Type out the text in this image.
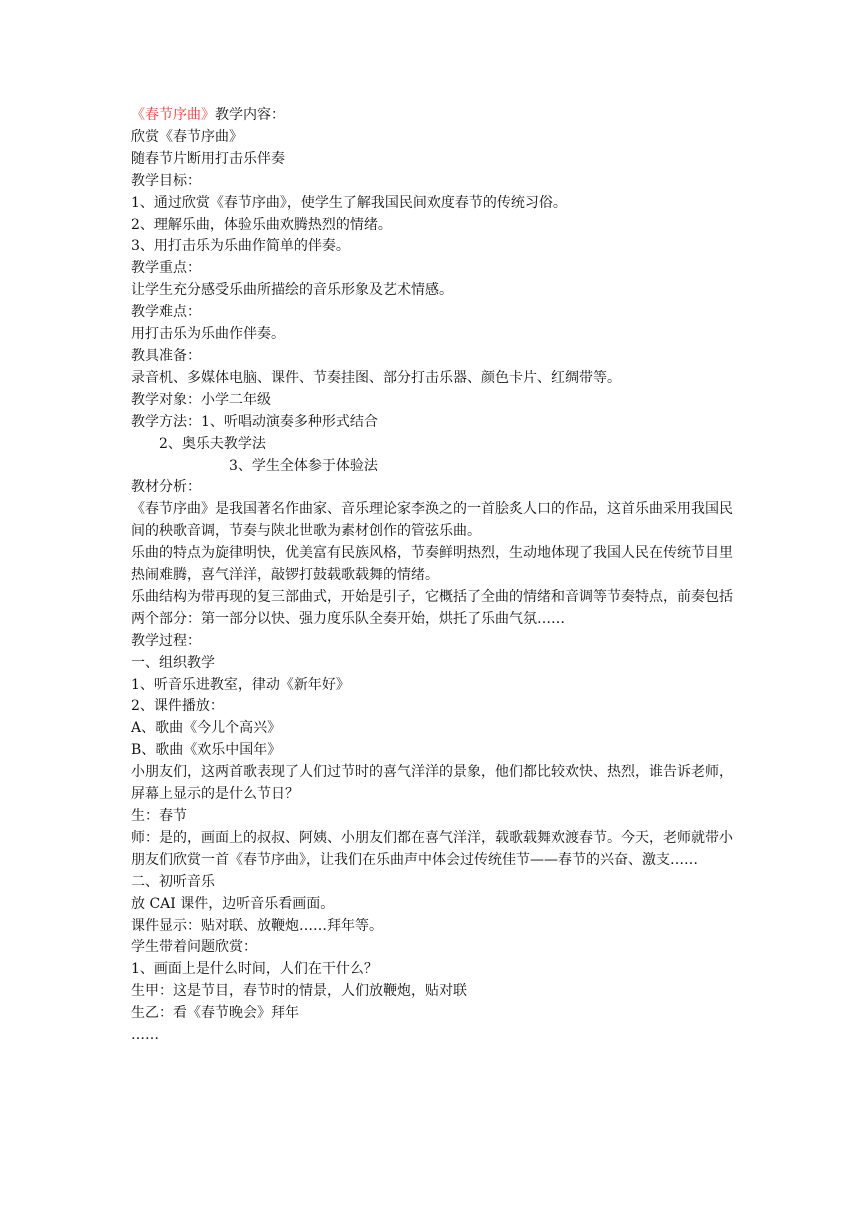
《春节序曲》教学内容：

欣赏《春节序曲》

随春节片断用打击乐伴奏

教学目标：

1、通过欣赏《春节序曲》，使学生了解我国民间欢度春节的传统习俗。

2、理解乐曲，体验乐曲欢腾热烈的情绪。

3、用打击乐为乐曲作简单的伴奏。

教学重点：

让学生充分感受乐曲所描绘的音乐形象及艺术情感。

教学难点：

用打击乐为乐曲作伴奏。

教具准备：

录音机、多媒体电脑、课件、节奏挂图、部分打击乐器、颜色卡片、红绸带等。

教学对象：小学二年级

教学方法：1、听唱动演奏多种形式结合

2、奥乐夫教学法

3、学生全体参于体验法

教材分析：

《春节序曲》是我国著名作曲家、音乐理论家李涣之的一首脍炙人口的作品，这首乐曲采用我国民间的秧歌音调，节奏与陕北世歌为素材创作的管弦乐曲。

乐曲的特点为旋律明快，优美富有民族风格，节奏鲜明热烈，生动地体现了我国人民在传统节目里热闹难腾，喜气洋洋，敲锣打鼓载歌载舞的情绪。

乐曲结构为带再现的复三部曲式，开始是引子，它概括了全曲的情绪和音调等节奏特点，前奏包括两个部分：第一部分以快、强力度乐队全奏开始，烘托了乐曲气氛……

教学过程：

一、组织教学

1、听音乐进教室，律动《新年好》

2、课件播放：

A、歌曲《今儿个高兴》

B、歌曲《欢乐中国年》

小朋友们，这两首歌表现了人们过节时的喜气洋洋的景象，他们都比较欢快、热烈，谁告诉老师，屏幕上显示的是什么节日？

生：春节

师：是的，画面上的叔叔、阿姨、小朋友们都在喜气洋洋，载歌载舞欢渡春节。今天，老师就带小朋友们欣赏一首《春节序曲》，让我们在乐曲声中体会过传统佳节——春节的兴奋、激支……

二、初听音乐

放 CAI 课件，边听音乐看画面。

课件显示：贴对联、放鞭炮……拜年等。

学生带着问题欣赏：

1、画面上是什么时间，人们在干什么？

生甲：这是节目，春节时的情景，人们放鞭炮，贴对联

生乙：看《春节晚会》拜年

……
